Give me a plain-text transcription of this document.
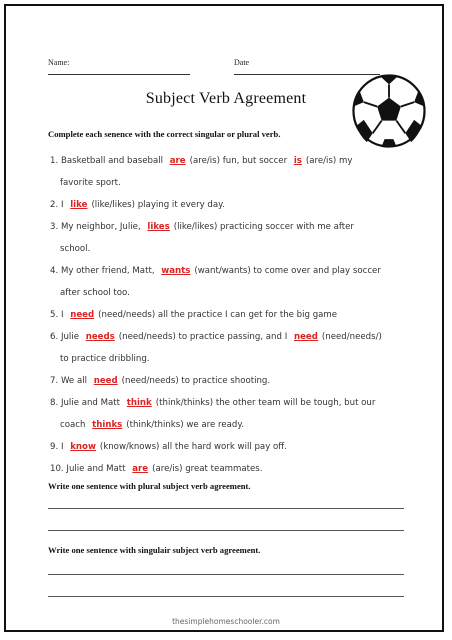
Name:	Date
Subject Verb Agreement
Complete each senence with the correct singular or plural verb.
1. Basketball and baseball are (are/is) fun, but soccer is (are/is) my
favorite sport.
2. I like (like/likes) playing it every day.
3. My neighbor, Julie, likes (like/likes) practicing soccer with me after
school.
4. My other friend, Matt, wants (want/wants) to come over and play soccer
after school too.
5. I need (need/needs) all the practice I can get for the big game
6. Julie needs (need/needs) to practice passing, and I need (need/needs/)
to practice dribbling.
7. We all need (need/needs) to practice shooting.
8. Julie and Matt think (think/thinks) the other team will be tough, but our
coach thinks (think/thinks) we are ready.
9. I know (know/knows) all the hard work will pay off.
10. Julie and Matt are (are/is) great teammates.
Write one sentence with plural subject verb agreement.
Write one sentence with singulair subject verb agreement.
thesimplehomeschooler.com
